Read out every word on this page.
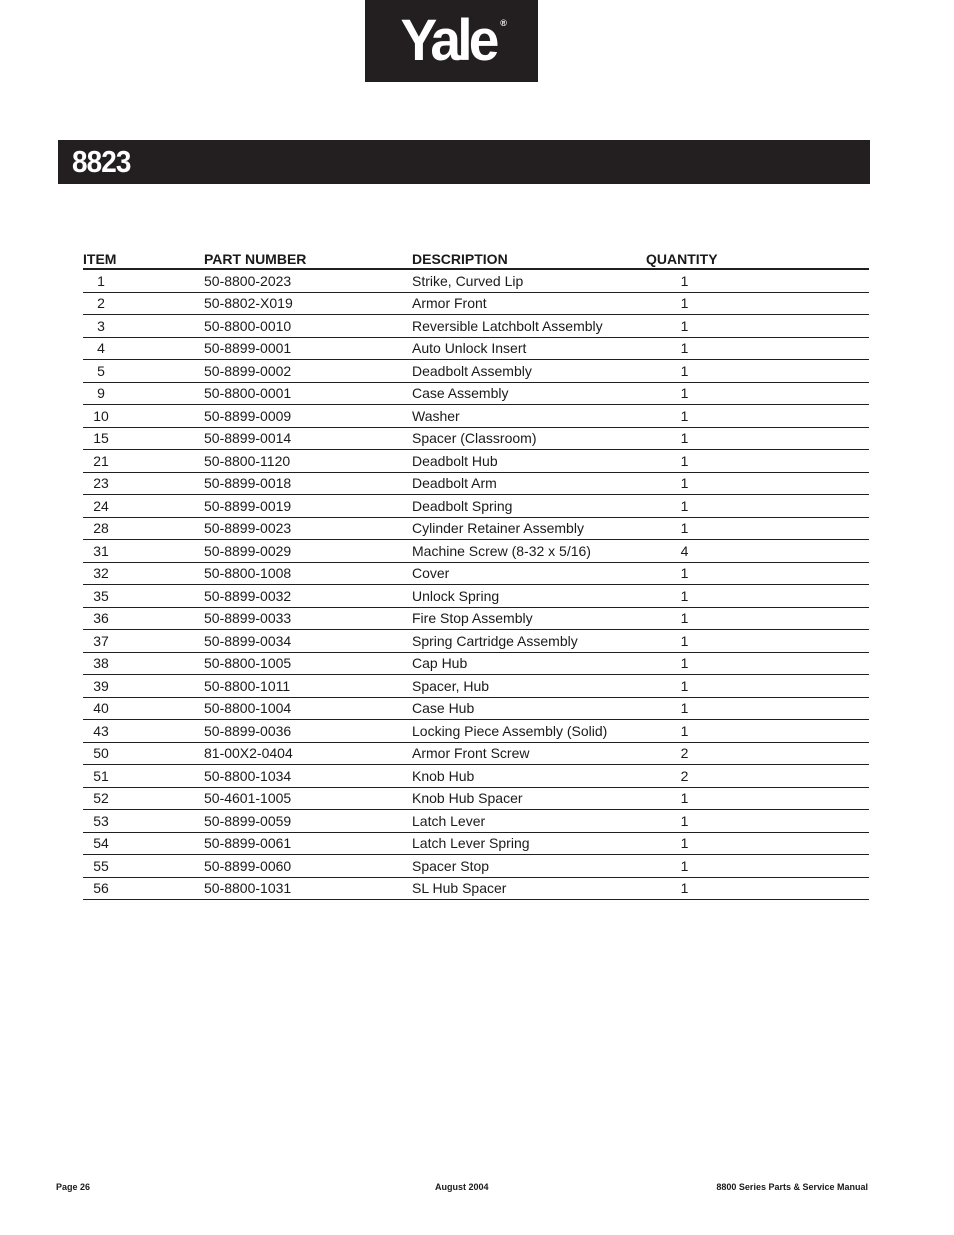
Yale ®
8823
ITEM	PART NUMBER	DESCRIPTION	QUANTITY
1	50-8800-2023	Strike, Curved Lip	1
2	50-8802-X019	Armor Front	1
3	50-8800-0010	Reversible Latchbolt Assembly	1
4	50-8899-0001	Auto Unlock Insert	1
5	50-8899-0002	Deadbolt Assembly	1
9	50-8800-0001	Case Assembly	1
10	50-8899-0009	Washer	1
15	50-8899-0014	Spacer (Classroom)	1
21	50-8800-1120	Deadbolt Hub	1
23	50-8899-0018	Deadbolt Arm	1
24	50-8899-0019	Deadbolt Spring	1
28	50-8899-0023	Cylinder Retainer Assembly	1
31	50-8899-0029	Machine Screw (8-32 x 5/16)	4
32	50-8800-1008	Cover	1
35	50-8899-0032	Unlock Spring	1
36	50-8899-0033	Fire Stop Assembly	1
37	50-8899-0034	Spring Cartridge Assembly	1
38	50-8800-1005	Cap Hub	1
39	50-8800-1011	Spacer, Hub	1
40	50-8800-1004	Case Hub	1
43	50-8899-0036	Locking Piece Assembly (Solid)	1
50	81-00X2-0404	Armor Front Screw	2
51	50-8800-1034	Knob Hub	2
52	50-4601-1005	Knob Hub Spacer	1
53	50-8899-0059	Latch Lever	1
54	50-8899-0061	Latch Lever Spring	1
55	50-8899-0060	Spacer Stop	1
56	50-8800-1031	SL Hub Spacer	1
Page 26	August 2004	8800 Series Parts & Service Manual
